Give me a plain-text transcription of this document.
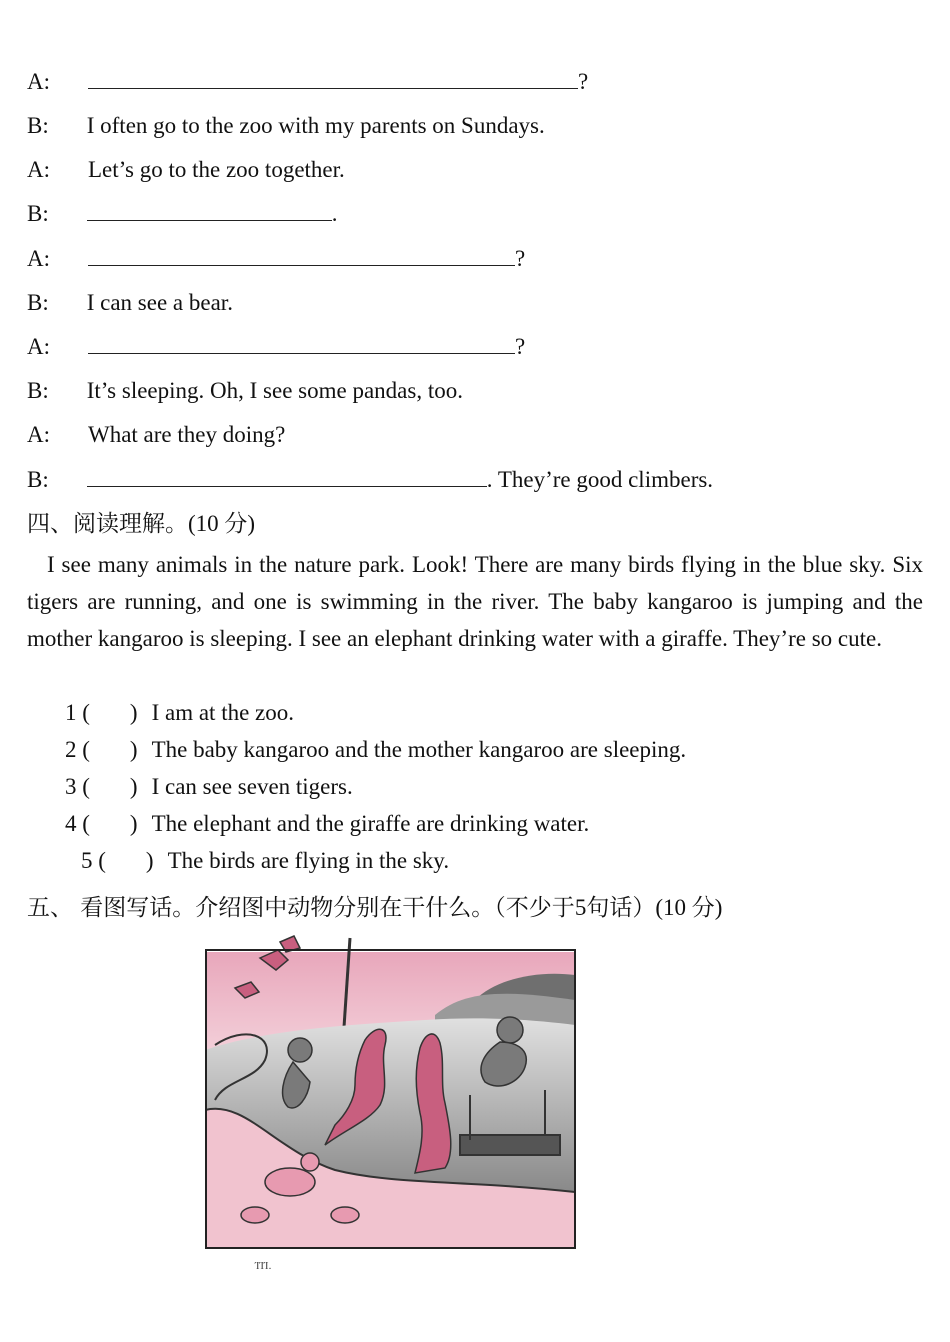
A:	?
B: I often go to the zoo with my parents on Sundays.
A: Let’s go to the zoo together.
B:	.
A:	?
B: I can see a bear.
A:	?
B: It’s sleeping. Oh, I see some pandas, too.
A: What are they doing?
B:	. They’re good climbers.
四、阅读理解。(10 分)
I see many animals in the nature park. Look! There are many birds flying in the blue sky. Six tigers are running, and one is swimming in the river. The baby kangaroo is jumping and the mother kangaroo is sleeping. I see an elephant drinking water with a giraffe. They’re so cute.
1 ( ) I am at the zoo.
2 ( ) The baby kangaroo and the mother kangaroo are sleeping.
3 ( ) I can see seven tigers.
4 ( ) The elephant and the giraffe are drinking water.
5 ( ) The birds are flying in the sky.
五、 看图写话。介绍图中动物分别在干什么。（不少于5句话）(10 分)
ΊΊΊ.
